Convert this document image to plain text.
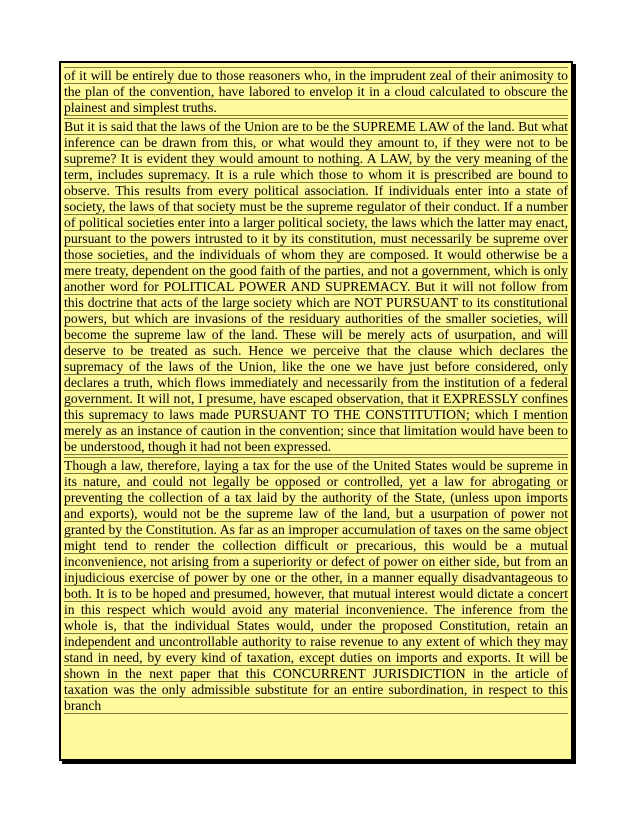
of it will be entirely due to those reasoners who, in the imprudent zeal of their animosity to the plan of the convention, have labored to envelop it in a cloud calculated to obscure the plainest and simplest truths.

But it is said that the laws of the Union are to be the SUPREME LAW of the land. But what inference can be drawn from this, or what would they amount to, if they were not to be supreme? It is evident they would amount to nothing. A LAW, by the very meaning of the term, includes supremacy. It is a rule which those to whom it is prescribed are bound to observe. This results from every political association. If individuals enter into a state of society, the laws of that society must be the supreme regulator of their conduct. If a number of political societies enter into a larger political society, the laws which the latter may enact, pursuant to the powers intrusted to it by its constitution, must necessarily be supreme over those societies, and the individuals of whom they are composed. It would otherwise be a mere treaty, dependent on the good faith of the parties, and not a government, which is only another word for POLITICAL POWER AND SUPREMACY. But it will not follow from this doctrine that acts of the large society which are NOT PURSUANT to its constitutional powers, but which are invasions of the residuary authorities of the smaller societies, will become the supreme law of the land. These will be merely acts of usurpation, and will deserve to be treated as such. Hence we perceive that the clause which declares the supremacy of the laws of the Union, like the one we have just before considered, only declares a truth, which flows immediately and necessarily from the institution of a federal government. It will not, I presume, have escaped observation, that it EXPRESSLY confines this supremacy to laws made PURSUANT TO THE CONSTITUTION; which I mention merely as an instance of caution in the convention; since that limitation would have been to be understood, though it had not been expressed.

Though a law, therefore, laying a tax for the use of the United States would be supreme in its nature, and could not legally be opposed or controlled, yet a law for abrogating or preventing the collection of a tax laid by the authority of the State, (unless upon imports and exports), would not be the supreme law of the land, but a usurpation of power not granted by the Constitution. As far as an improper accumulation of taxes on the same object might tend to render the collection difficult or precarious, this would be a mutual inconvenience, not arising from a superiority or defect of power on either side, but from an injudicious exercise of power by one or the other, in a manner equally disadvantageous to both. It is to be hoped and presumed, however, that mutual interest would dictate a concert in this respect which would avoid any material inconvenience. The inference from the whole is, that the individual States would, under the proposed Constitution, retain an independent and uncontrollable authority to raise revenue to any extent of which they may stand in need, by every kind of taxation, except duties on imports and exports. It will be shown in the next paper that this CONCURRENT JURISDICTION in the article of taxation was the only admissible substitute for an entire subordination, in respect to this branch
